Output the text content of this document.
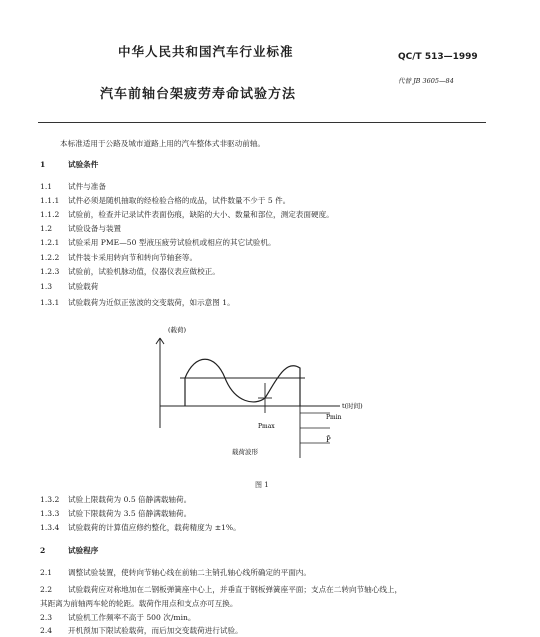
中华人民共和国汽车行业标准	QC/T 513—1999
代替 JB 3605—84
汽车前轴台架疲劳寿命试验方法
本标准适用于公路及城市道路上用的汽车整体式非驱动前轴。
1	试验条件
1.1 试件与准备
1.1.1 试件必须是随机抽取的经检验合格的成品，试件数量不少于 5 件。
1.1.2 试验前，检查并记录试件表面伤痕，缺陷的大小、数量和部位，测定表面硬度。
1.2 试验设备与装置
1.2.1 试验采用 PME—50 型液压疲劳试验机或相应的其它试验机。
1.2.2 试件装卡采用转向节和转向节轴套等。
1.2.3 试验前，试验机脉动值，仪器仪表应做校正。
1.3 试验载荷
1.3.1 试验载荷为近似正弦波的交变载荷，如示意图 1。
(载荷)
t(时间)
Pmin
P̄
Pmax
载荷波形
图 1
1.3.2 试验上限载荷为 0.5 倍静满载轴荷。
1.3.3 试验下限载荷为 3.5 倍静满载轴荷。
1.3.4 试验载荷的计算值应修约整化，载荷精度为 ±1%。
2	试验程序
2.1 调整试验装置，使转向节轴心线在前轴二主销孔轴心线所确定的平面内。
2.2 试验载荷应对称地加在二钢板弹簧座中心上，并垂直于钢板弹簧座平面；支点在二转向节轴心线上，
其距离为前轴两车轮的轮距。载荷作用点和支点亦可互换。
2.3 试验机工作频率不高于 500 次/min。
2.4 开机预加下限试验载荷，而后加交变载荷进行试验。
